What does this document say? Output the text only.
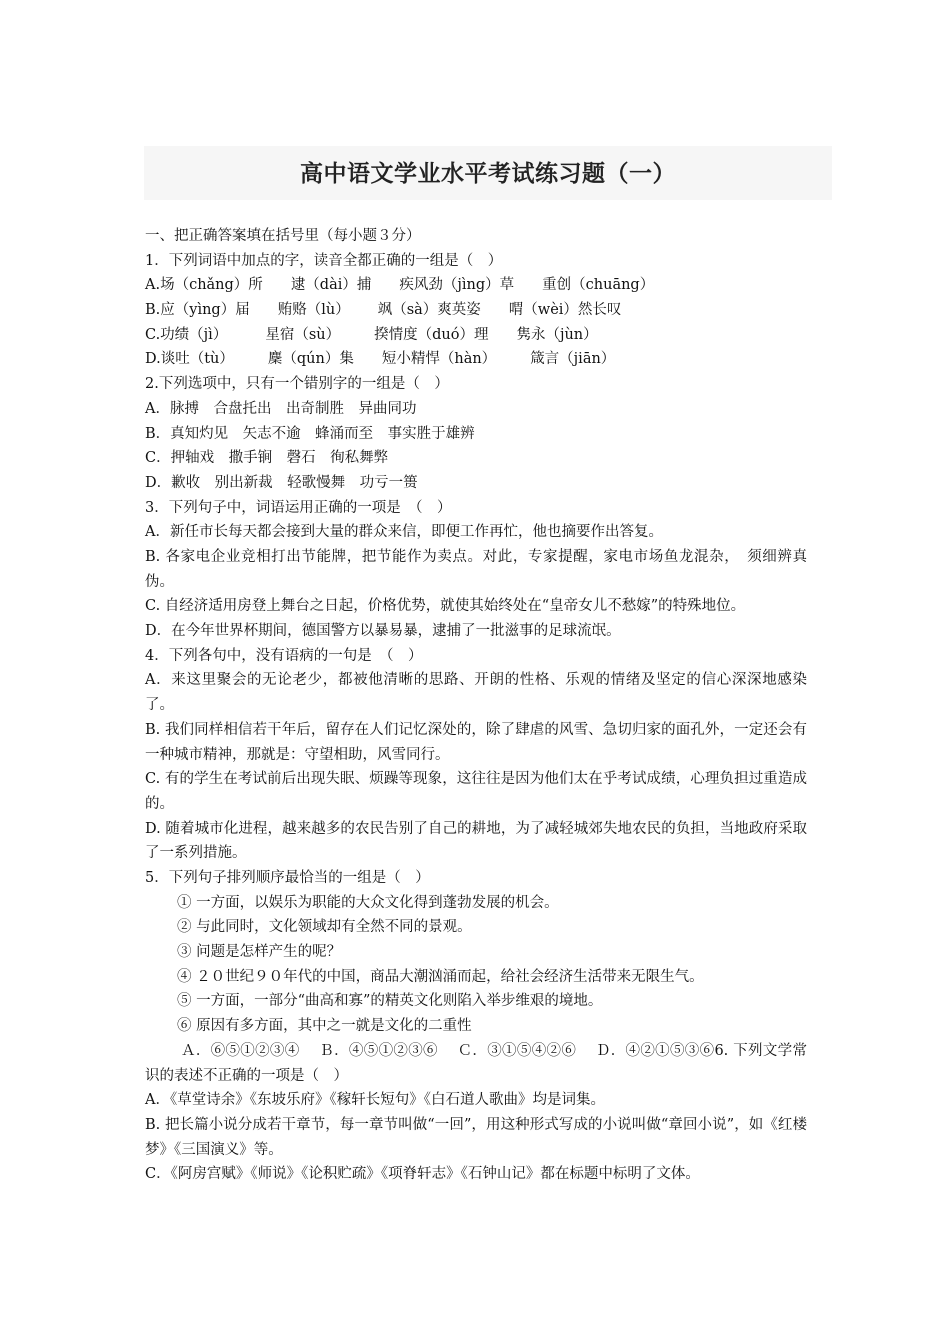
高中语文学业水平考试练习题（一）
一、把正确答案填在括号里（每小题３分）
1．下列词语中加点的字，读音全都正确的一组是（　）
A.场（chǎng）所 逮（dài）捕 疾风劲（jìng）草 重创（chuāng）
B.应（yìng）届 贿赂（lù） 飒（sà）爽英姿 喟（wèi）然长叹
C.功绩（jì）	星宿（sù） 揆情度（duó）理 隽永（jùn）
D.谈吐（tù） 麇（qún）集 短小精悍（hàn） 箴言（jiān）
2.下列选项中，只有一个错别字的一组是（　）
A．脉搏　合盘托出　出奇制胜　异曲同功
B．真知灼见　矢志不逾　蜂涌而至　事实胜于雄辨
C．押轴戏　撒手锏　磬石　徇私舞弊
D．歉收　别出新裁　轻歌慢舞　功亏一篑
3．下列句子中，词语运用正确的一项是　（　）
A．新任市长每天都会接到大量的群众来信，即便工作再忙，他也摘要作出答复。
B. 各家电企业竞相打出节能牌，把节能作为卖点。对此，专家提醒，家电市场鱼龙混杂，　须细辨真伪。
C. 自经济适用房登上舞台之日起，价格优势，就使其始终处在“皇帝女儿不愁嫁”的特殊地位。
D．在今年世界杯期间，德国警方以暴易暴，逮捕了一批滋事的足球流氓。
4．下列各句中，没有语病的一句是　（　）
A．来这里聚会的无论老少，都被他清晰的思路、开朗的性格、乐观的情绪及坚定的信心深深地感染了。
B. 我们同样相信若干年后，留存在人们记忆深处的，除了肆虐的风雪、急切归家的面孔外，一定还会有一种城市精神，那就是：守望相助，风雪同行。
C. 有的学生在考试前后出现失眠、烦躁等现象，这往往是因为他们太在乎考试成绩，心理负担过重造成的。
D. 随着城市化进程，越来越多的农民告别了自己的耕地，为了减轻城郊失地农民的负担，当地政府采取了一系列措施。
5．下列句子排列顺序最恰当的一组是（　）
① 一方面，以娱乐为职能的大众文化得到蓬勃发展的机会。
② 与此同时，文化领域却有全然不同的景观。
③ 问题是怎样产生的呢？
④ ２０世纪９０年代的中国，商品大潮汹涌而起，给社会经济生活带来无限生气。
⑤ 一方面，一部分“曲高和寡”的精英文化则陷入举步维艰的境地。
⑥ 原因有多方面，其中之一就是文化的二重性
Ａ．⑥⑤①②③④　 Ｂ．④⑤①②③⑥　 Ｃ．③①⑤④②⑥　 Ｄ．④②①⑤③⑥6. 下列文学常识的表述不正确的一项是（　）
A．《草堂诗余》《东坡乐府》《稼轩长短句》《白石道人歌曲》均是词集。
B. 把长篇小说分成若干章节，每一章节叫做“一回”，用这种形式写成的小说叫做“章回小说”，如《红楼梦》《三国演义》等。
C．《阿房宫赋》《师说》《论积贮疏》《项脊轩志》《石钟山记》都在标题中标明了文体。
